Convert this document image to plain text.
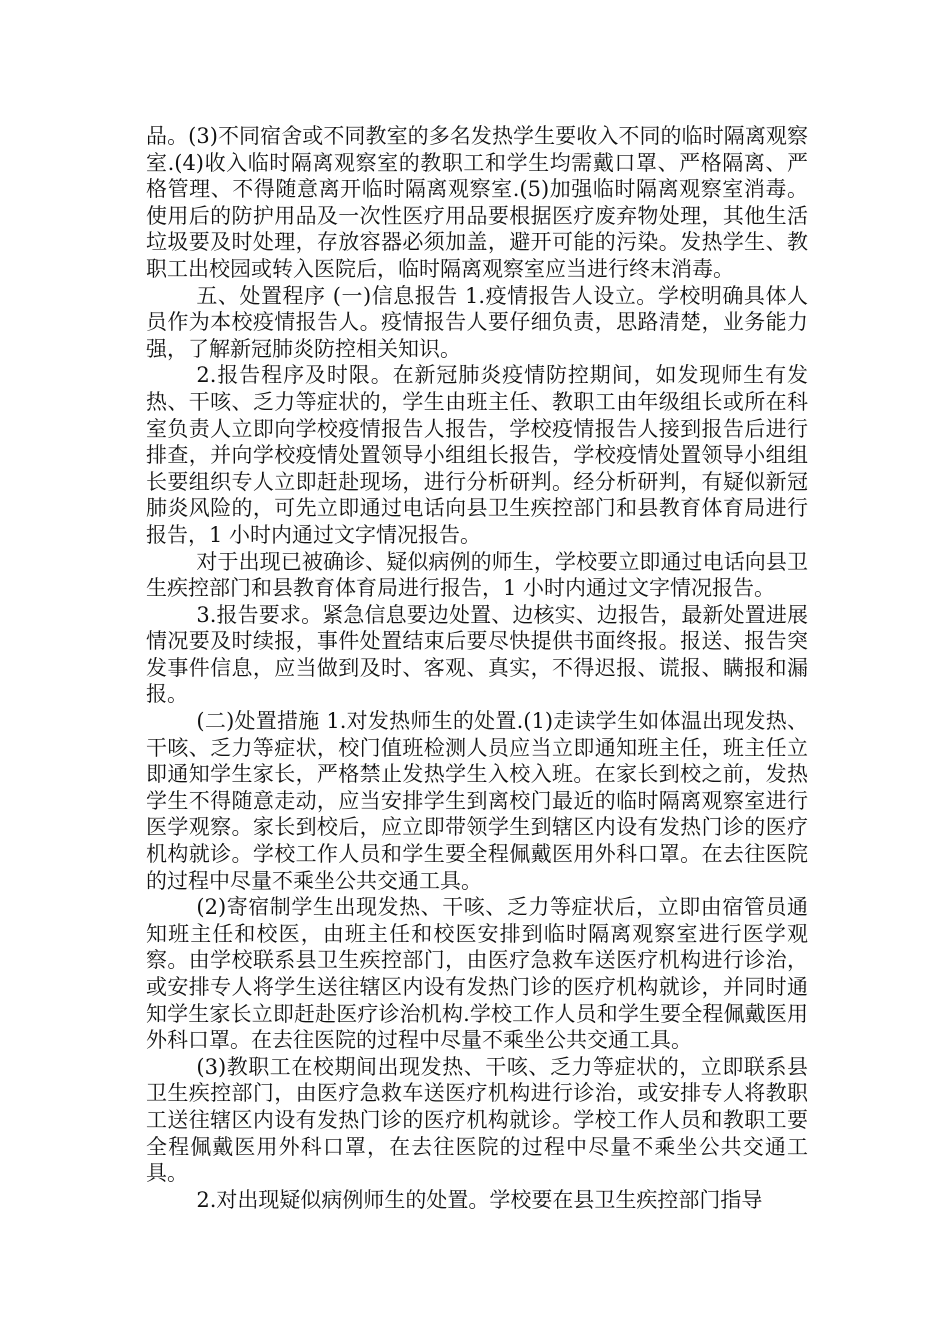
品。(3)不同宿舍或不同教室的多名发热学生要收入不同的临时隔离观察室.(4)收入临时隔离观察室的教职工和学生均需戴口罩、严格隔离、严格管理、不得随意离开临时隔离观察室.(5)加强临时隔离观察室消毒。使用后的防护用品及一次性医疗用品要根据医疗废弃物处理，其他生活垃圾要及时处理，存放容器必须加盖，避开可能的污染。发热学生、教职工出校园或转入医院后，临时隔离观察室应当进行终末消毒。

五、处置程序 (一)信息报告 1.疫情报告人设立。学校明确具体人员作为本校疫情报告人。疫情报告人要仔细负责，思路清楚，业务能力强，了解新冠肺炎防控相关知识。

2.报告程序及时限。在新冠肺炎疫情防控期间，如发现师生有发热、干咳、乏力等症状的，学生由班主任、教职工由年级组长或所在科室负责人立即向学校疫情报告人报告，学校疫情报告人接到报告后进行排查，并向学校疫情处置领导小组组长报告，学校疫情处置领导小组组长要组织专人立即赶赴现场，进行分析研判。经分析研判，有疑似新冠肺炎风险的，可先立即通过电话向县卫生疾控部门和县教育体育局进行报告，1 小时内通过文字情况报告。

对于出现已被确诊、疑似病例的师生，学校要立即通过电话向县卫生疾控部门和县教育体育局进行报告，1 小时内通过文字情况报告。

3.报告要求。紧急信息要边处置、边核实、边报告，最新处置进展情况要及时续报，事件处置结束后要尽快提供书面终报。报送、报告突发事件信息，应当做到及时、客观、真实，不得迟报、谎报、瞒报和漏报。

(二)处置措施 1.对发热师生的处置.(1)走读学生如体温出现发热、干咳、乏力等症状，校门值班检测人员应当立即通知班主任，班主任立即通知学生家长，严格禁止发热学生入校入班。在家长到校之前，发热学生不得随意走动，应当安排学生到离校门最近的临时隔离观察室进行医学观察。家长到校后，应立即带领学生到辖区内设有发热门诊的医疗机构就诊。学校工作人员和学生要全程佩戴医用外科口罩。在去往医院的过程中尽量不乘坐公共交通工具。

(2)寄宿制学生出现发热、干咳、乏力等症状后，立即由宿管员通知班主任和校医，由班主任和校医安排到临时隔离观察室进行医学观察。由学校联系县卫生疾控部门，由医疗急救车送医疗机构进行诊治，或安排专人将学生送往辖区内设有发热门诊的医疗机构就诊，并同时通知学生家长立即赶赴医疗诊治机构.学校工作人员和学生要全程佩戴医用外科口罩。在去往医院的过程中尽量不乘坐公共交通工具。

(3)教职工在校期间出现发热、干咳、乏力等症状的，立即联系县卫生疾控部门，由医疗急救车送医疗机构进行诊治，或安排专人将教职工送往辖区内设有发热门诊的医疗机构就诊。学校工作人员和教职工要全程佩戴医用外科口罩，在去往医院的过程中尽量不乘坐公共交通工具。

2.对出现疑似病例师生的处置。学校要在县卫生疾控部门指导
